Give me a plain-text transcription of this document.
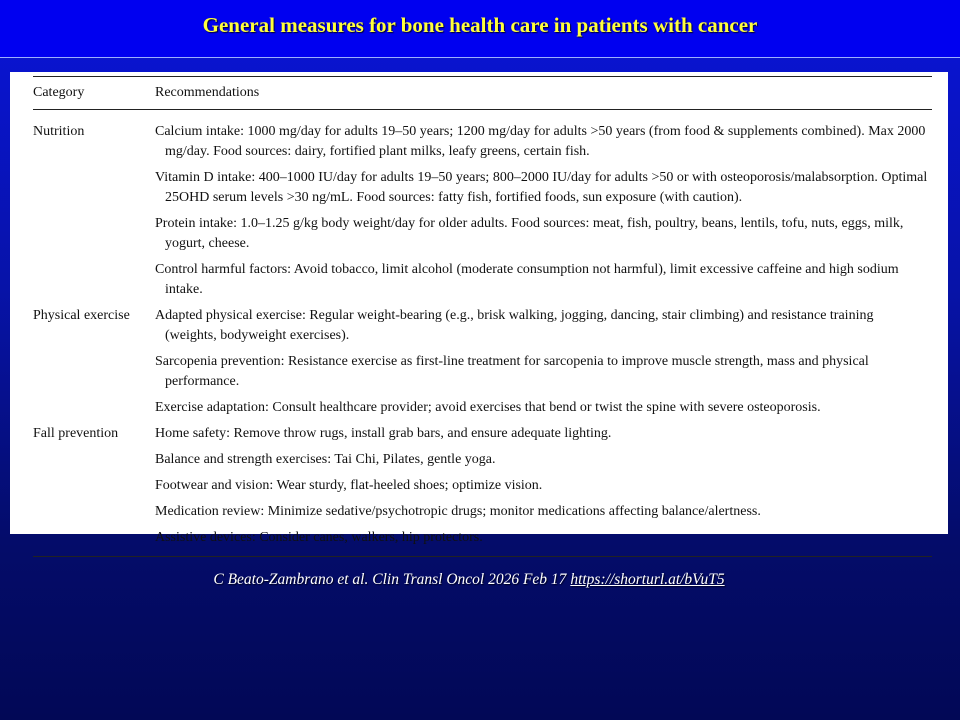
General measures for bone health care in patients with cancer
Category	Recommendations
Nutrition	Calcium intake: 1000 mg/day for adults 19–50 years; 1200 mg/day for adults >50 years (from food & supplements combined). Max 2000 mg/day. Food sources: dairy, fortified plant milks, leafy greens, certain fish.
	Vitamin D intake: 400–1000 IU/day for adults 19–50 years; 800–2000 IU/day for adults >50 or with osteoporosis/malabsorption. Optimal 25OHD serum levels >30 ng/mL. Food sources: fatty fish, fortified foods, sun exposure (with caution).
	Protein intake: 1.0–1.25 g/kg body weight/day for older adults. Food sources: meat, fish, poultry, beans, lentils, tofu, nuts, eggs, milk, yogurt, cheese.
	Control harmful factors: Avoid tobacco, limit alcohol (moderate consumption not harmful), limit excessive caffeine and high sodium intake.
Physical exercise	Adapted physical exercise: Regular weight-bearing (e.g., brisk walking, jogging, dancing, stair climbing) and resistance training (weights, bodyweight exercises).
	Sarcopenia prevention: Resistance exercise as first-line treatment for sarcopenia to improve muscle strength, mass and physical performance.
	Exercise adaptation: Consult healthcare provider; avoid exercises that bend or twist the spine with severe osteoporosis.
Fall prevention	Home safety: Remove throw rugs, install grab bars, and ensure adequate lighting.
	Balance and strength exercises: Tai Chi, Pilates, gentle yoga.
	Footwear and vision: Wear sturdy, flat-heeled shoes; optimize vision.
	Medication review: Minimize sedative/psychotropic drugs; monitor medications affecting balance/alertness.
	Assistive devices: Consider canes, walkers, hip protectors.
C Beato-Zambrano et al. Clin Transl Oncol 2026 Feb 17 https://shorturl.at/bVuT5
